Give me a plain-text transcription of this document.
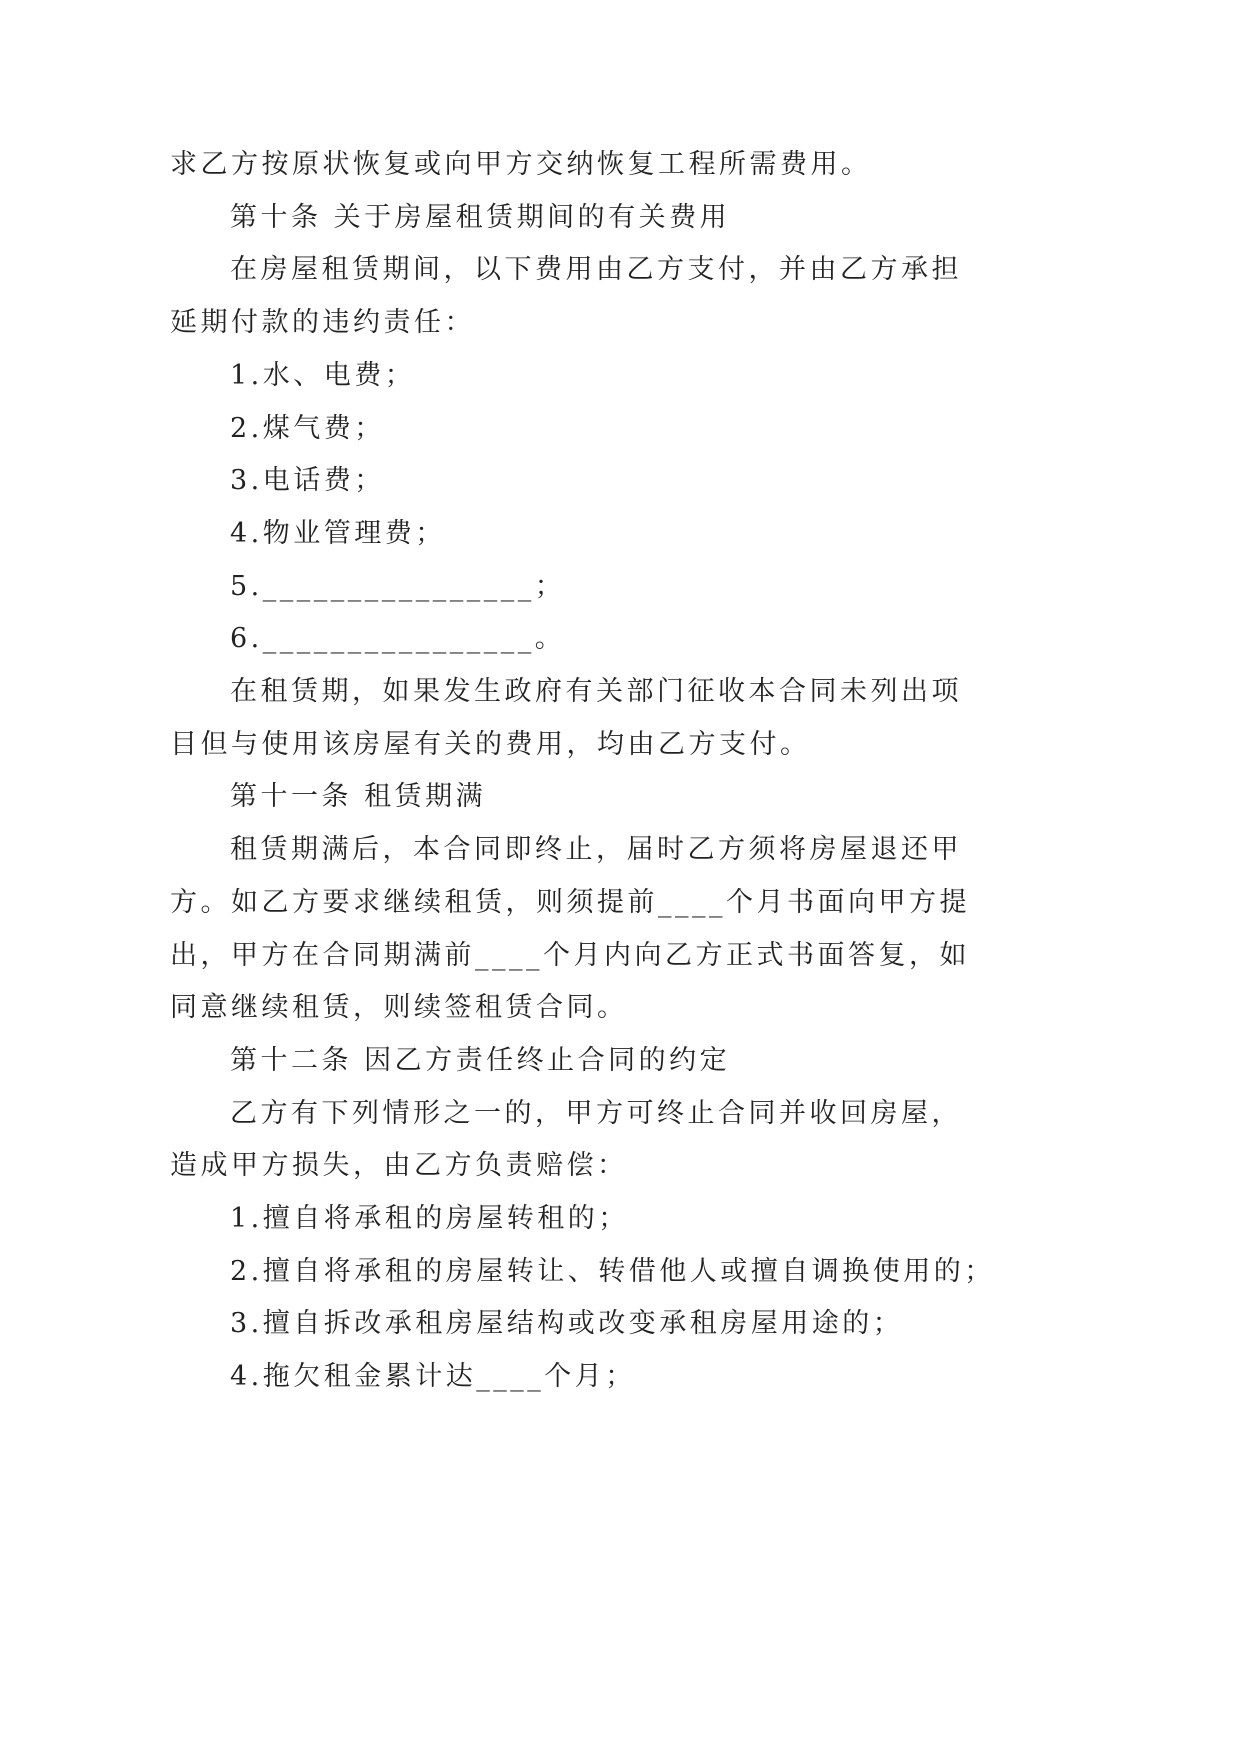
求乙方按原状恢复或向甲方交纳恢复工程所需费用。
第十条 关于房屋租赁期间的有关费用
在房屋租赁期间，以下费用由乙方支付，并由乙方承担
延期付款的违约责任：
1.水、电费；
2.煤气费；
3.电话费；
4.物业管理费；
5.________________；
6.________________。
在租赁期，如果发生政府有关部门征收本合同未列出项
目但与使用该房屋有关的费用，均由乙方支付。
第十一条 租赁期满
租赁期满后，本合同即终止，届时乙方须将房屋退还甲
方。如乙方要求继续租赁，则须提前____个月书面向甲方提
出，甲方在合同期满前____个月内向乙方正式书面答复，如
同意继续租赁，则续签租赁合同。
第十二条 因乙方责任终止合同的约定
乙方有下列情形之一的，甲方可终止合同并收回房屋，
造成甲方损失，由乙方负责赔偿：
1.擅自将承租的房屋转租的；
2.擅自将承租的房屋转让、转借他人或擅自调换使用的；
3.擅自拆改承租房屋结构或改变承租房屋用途的；
4.拖欠租金累计达____个月；
